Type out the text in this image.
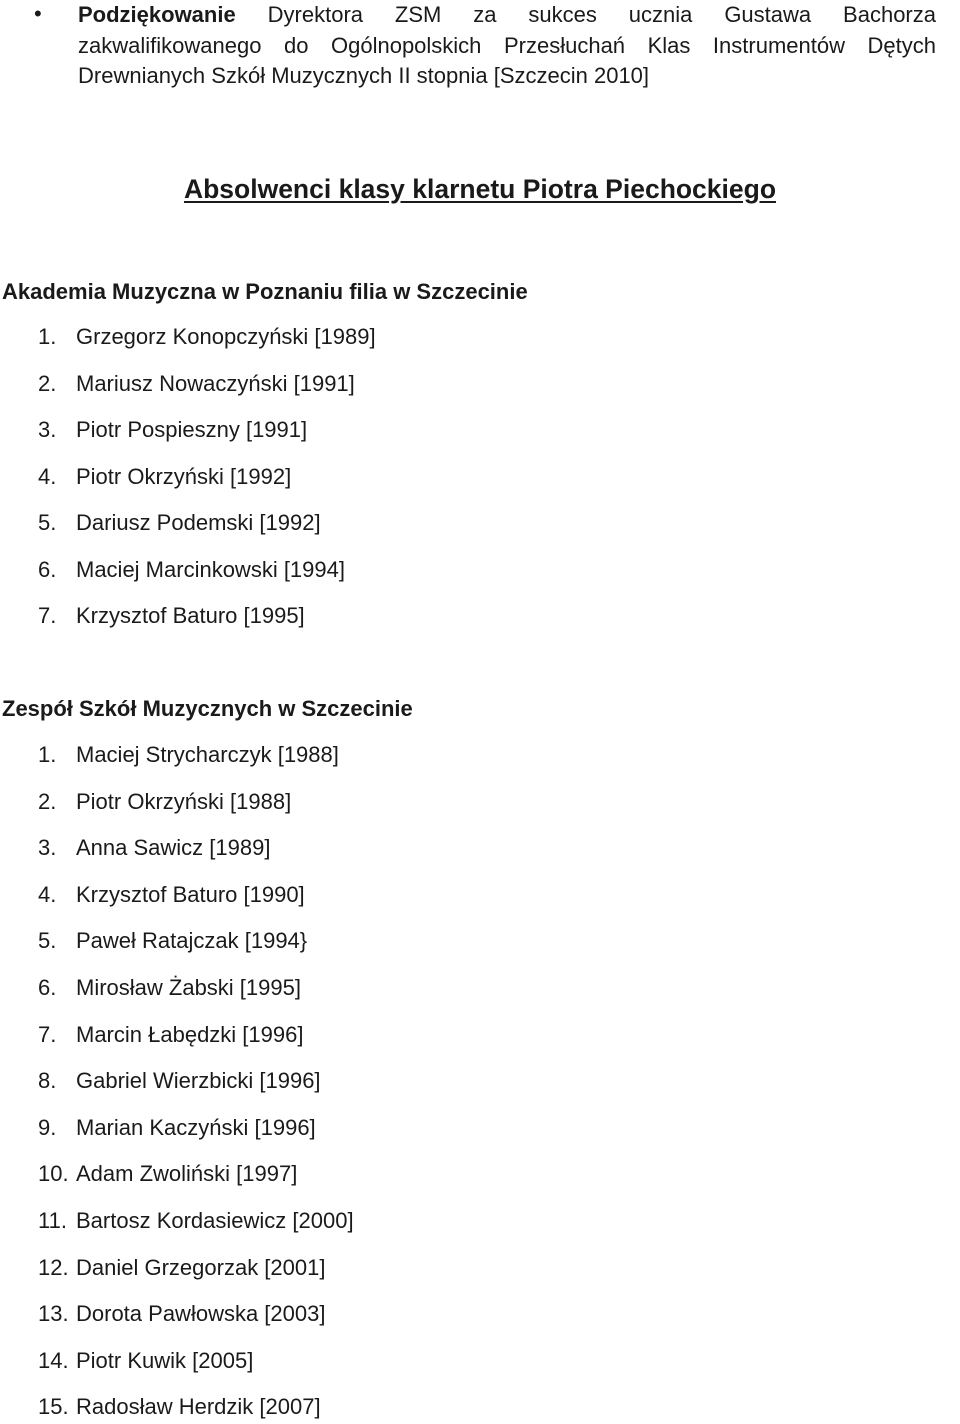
• Podziękowanie Dyrektora ZSM za sukces ucznia Gustawa Bachorza zakwalifikowanego do Ogólnopolskich Przesłuchań Klas Instrumentów Dętych Drewnianych Szkół Muzycznych II stopnia [Szczecin 2010]
Absolwenci klasy klarnetu Piotra Piechockiego
Akademia Muzyczna w Poznaniu filia w Szczecinie
1. Grzegorz Konopczyński [1989]
2. Mariusz Nowaczyński [1991]
3. Piotr Pospieszny [1991]
4. Piotr Okrzyński [1992]
5. Dariusz Podemski [1992]
6. Maciej Marcinkowski [1994]
7. Krzysztof Baturo [1995]
Zespół Szkół Muzycznych w Szczecinie
1. Maciej Strycharczyk [1988]
2. Piotr Okrzyński [1988]
3. Anna Sawicz [1989]
4. Krzysztof Baturo [1990]
5. Paweł Ratajczak [1994}
6. Mirosław Żabski [1995]
7. Marcin Łabędzki [1996]
8. Gabriel Wierzbicki [1996]
9. Marian Kaczyński [1996]
10. Adam Zwoliński [1997]
11. Bartosz Kordasiewicz [2000]
12. Daniel Grzegorzak [2001]
13. Dorota Pawłowska [2003]
14. Piotr Kuwik [2005]
15. Radosław Herdzik [2007]
